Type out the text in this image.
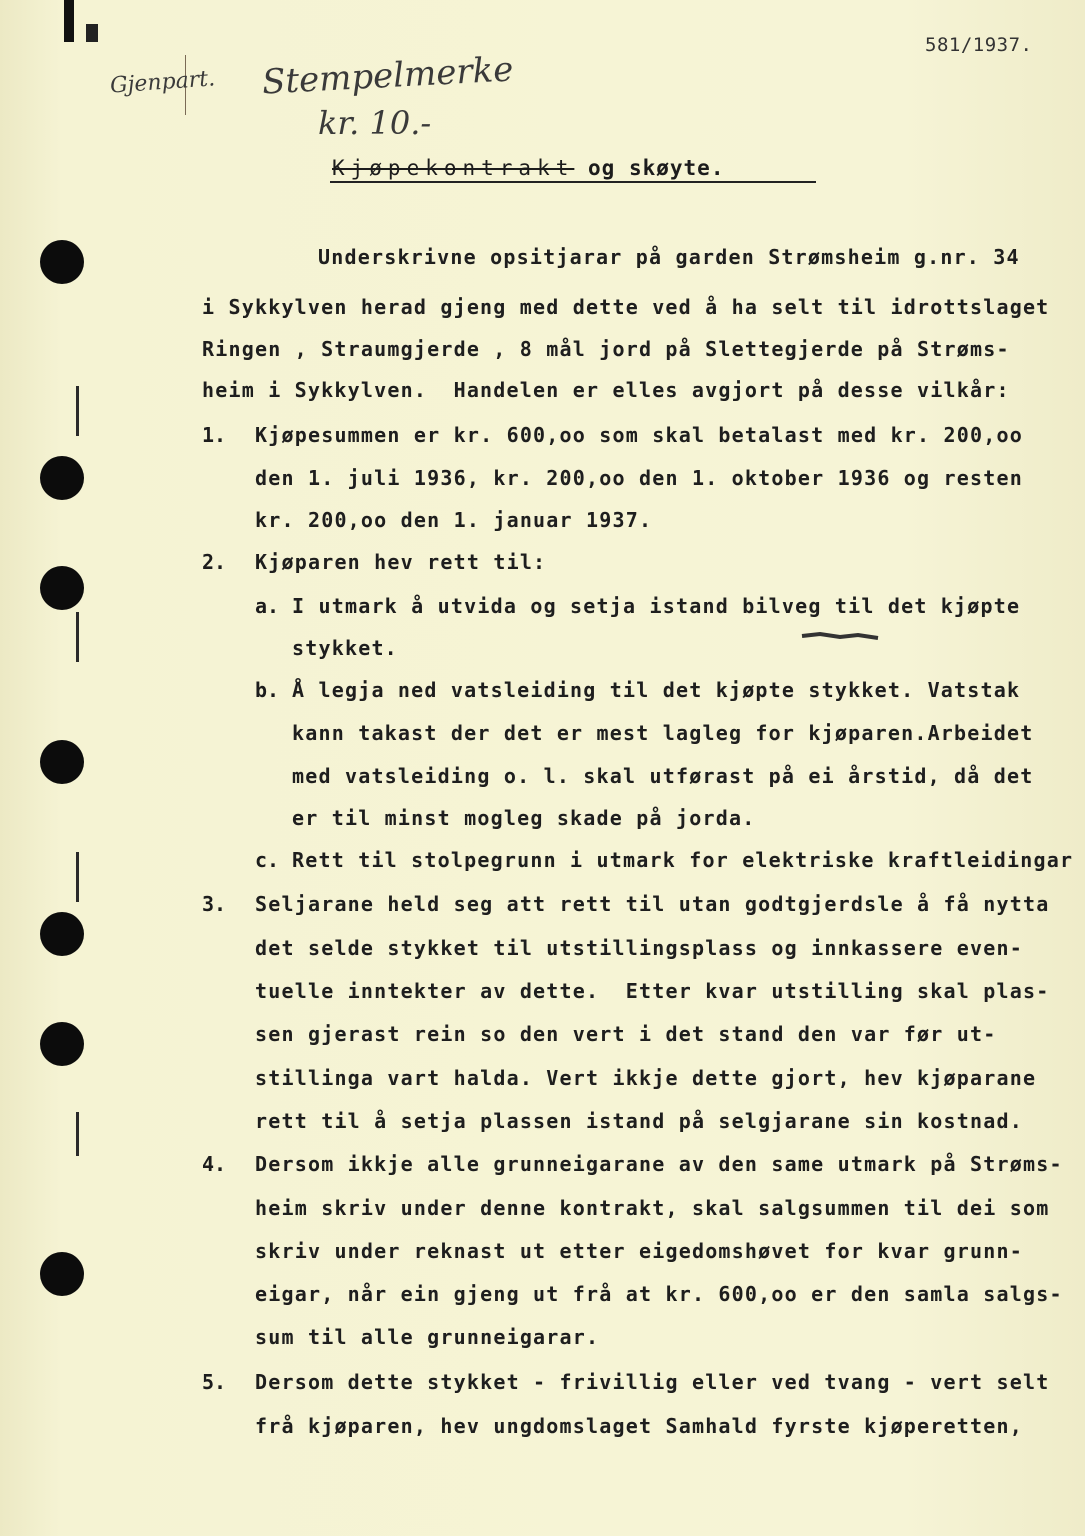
581/1937.
Gjenpart. Stempelmerke
kr. 10.-
Kjøpekontrakt og skøyte.
Underskrivne opsitjarar på garden Strømsheim g.nr. 34
i Sykkylven herad gjeng med dette ved å ha selt til idrottslaget
Ringen , Straumgjerde , 8 mål jord på Slettegjerde på Strøms-
heim i Sykkylven.  Handelen er elles avgjort på desse vilkår:
1. Kjøpesummen er kr. 600,oo som skal betalast med kr. 200,oo
den 1. juli 1936, kr. 200,oo den 1. oktober 1936 og resten
kr. 200,oo den 1. januar 1937.
2. Kjøparen hev rett til:
a. I utmark å utvida og setja istand bilveg til det kjøpte
stykket.
b. Å legja ned vatsleiding til det kjøpte stykket. Vatstak
kann takast der det er mest lagleg for kjøparen.Arbeidet
med vatsleiding o. l. skal utførast på ei årstid, då det
er til minst mogleg skade på jorda.
c. Rett til stolpegrunn i utmark for elektriske kraftleidingar
3. Seljarane held seg att rett til utan godtgjerdsle å få nytta
det selde stykket til utstillingsplass og innkassere even-
tuelle inntekter av dette.  Etter kvar utstilling skal plas-
sen gjerast rein so den vert i det stand den var før ut-
stillinga vart halda. Vert ikkje dette gjort, hev kjøparane
rett til å setja plassen istand på selgjarane sin kostnad.
4. Dersom ikkje alle grunneigarane av den same utmark på Strøms-
heim skriv under denne kontrakt, skal salgsummen til dei som
skriv under reknast ut etter eigedomshøvet for kvar grunn-
eigar, når ein gjeng ut frå at kr. 600,oo er den samla salgs-
sum til alle grunneigarar.
5. Dersom dette stykket - frivillig eller ved tvang - vert selt
frå kjøparen, hev ungdomslaget Samhald fyrste kjøperetten,
